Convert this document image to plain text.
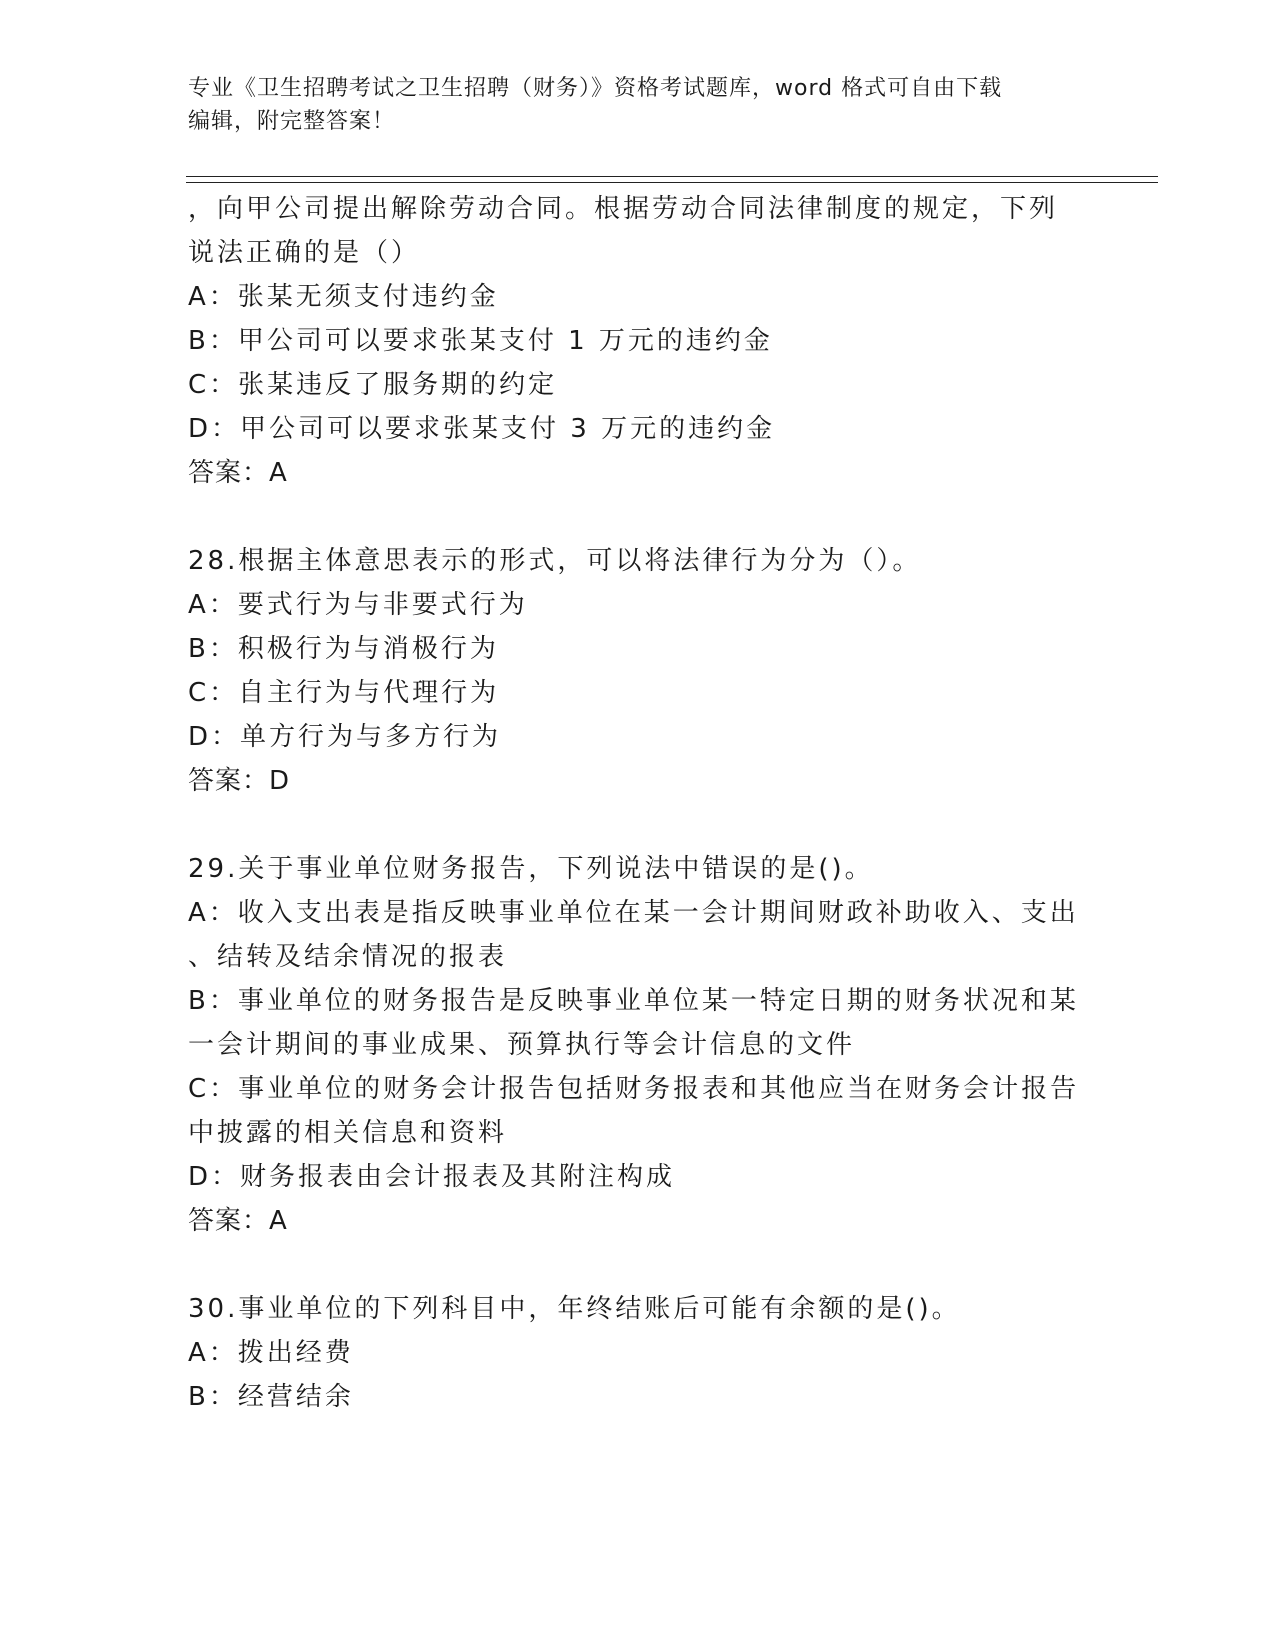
专业《卫生招聘考试之卫生招聘（财务）》资格考试题库，word 格式可自由下载
编辑，附完整答案！
，向甲公司提出解除劳动合同。根据劳动合同法律制度的规定，下列
说法正确的是（）
A：张某无须支付违约金
B：甲公司可以要求张某支付 1 万元的违约金
C：张某违反了服务期的约定
D：甲公司可以要求张某支付 3 万元的违约金
答案：A
28.根据主体意思表示的形式，可以将法律行为分为（）。
A：要式行为与非要式行为
B：积极行为与消极行为
C：自主行为与代理行为
D：单方行为与多方行为
答案：D
29.关于事业单位财务报告，下列说法中错误的是()。
A：收入支出表是指反映事业单位在某一会计期间财政补助收入、支出
、结转及结余情况的报表
B：事业单位的财务报告是反映事业单位某一特定日期的财务状况和某
一会计期间的事业成果、预算执行等会计信息的文件
C：事业单位的财务会计报告包括财务报表和其他应当在财务会计报告
中披露的相关信息和资料
D：财务报表由会计报表及其附注构成
答案：A
30.事业单位的下列科目中，年终结账后可能有余额的是()。
A：拨出经费
B：经营结余
